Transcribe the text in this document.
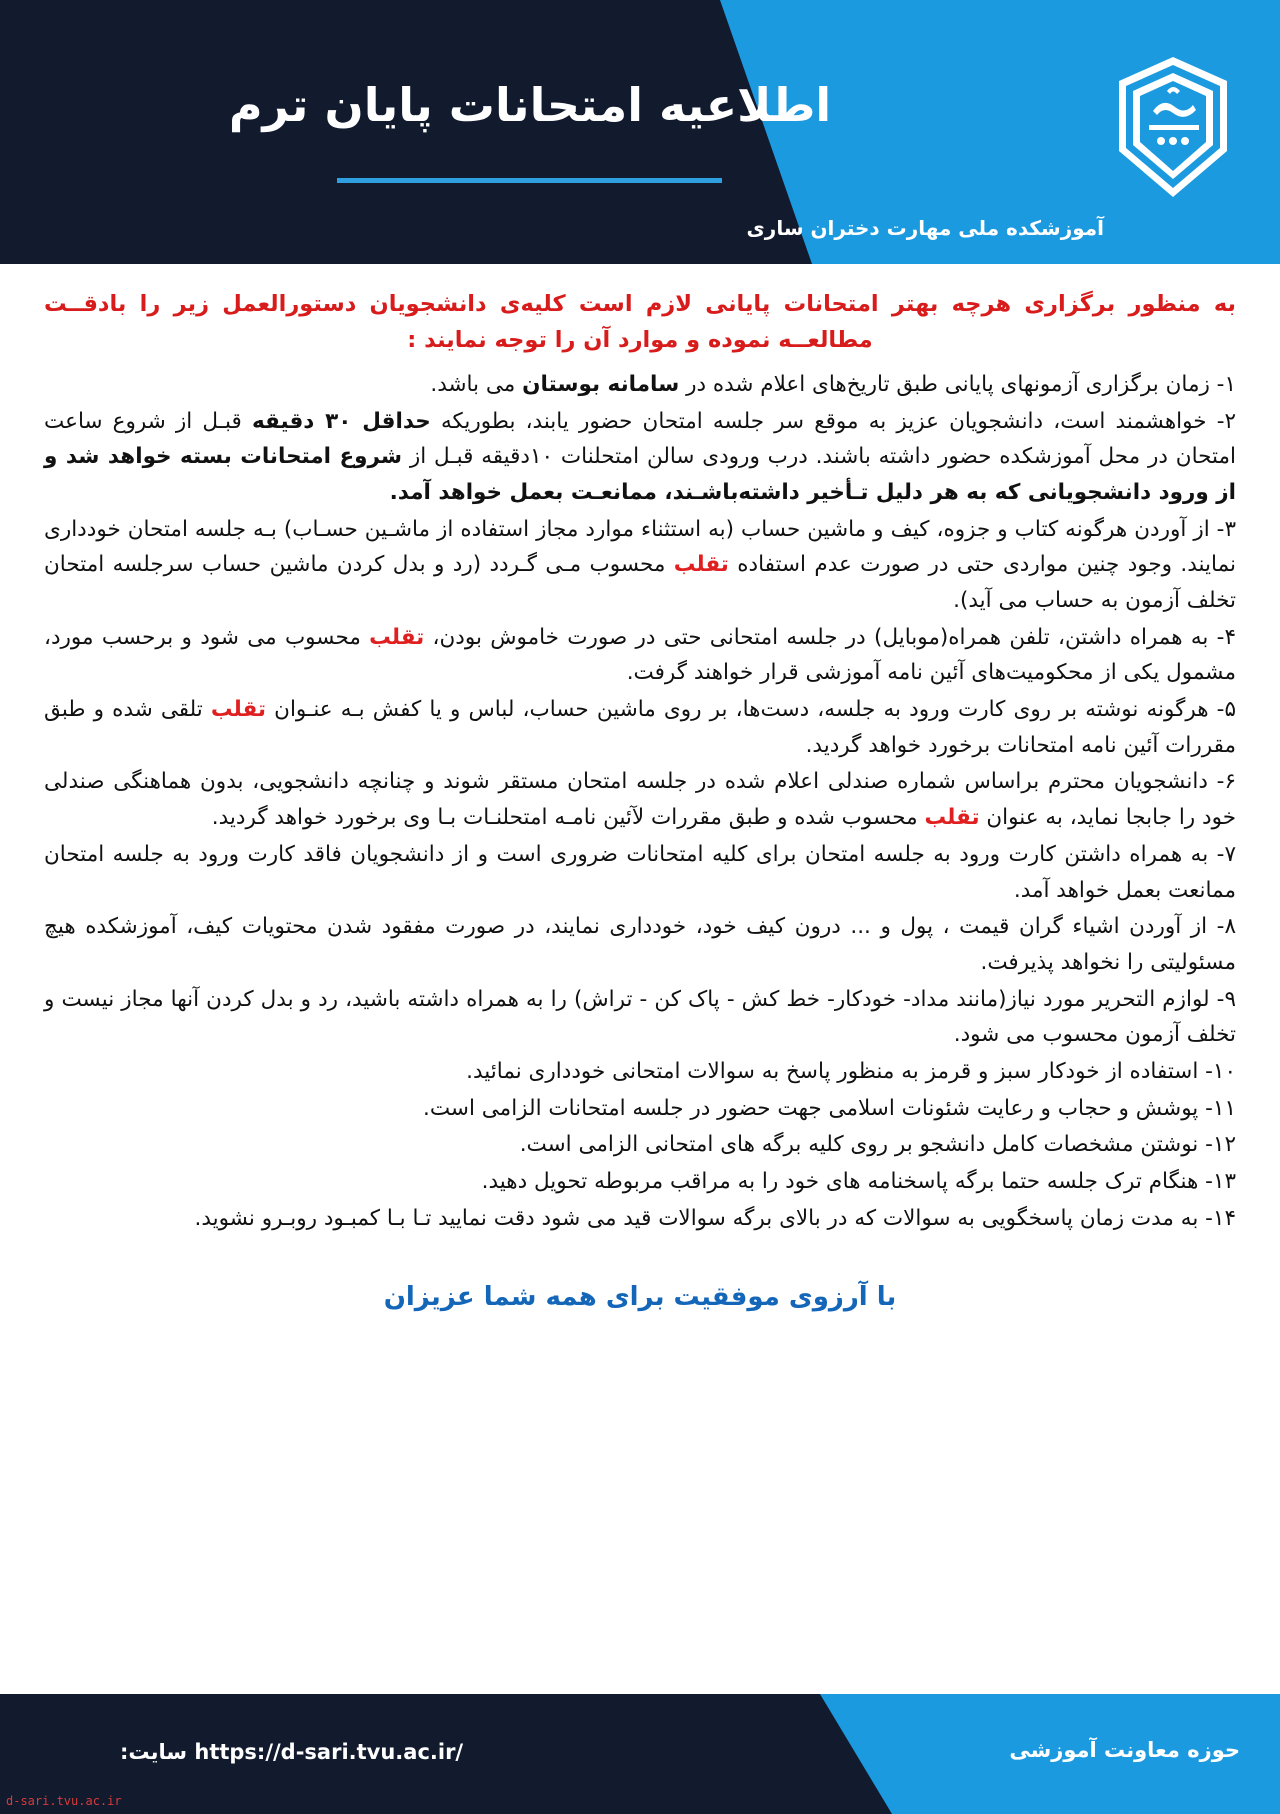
آموزشکده ملی مهارت دختران ساری
اطلاعیه امتحانات پایان ترم

به منظور برگزاری هرچه بهتر امتحانات پایانی لازم است کلیه‌ی دانشجویان دستورالعمل زیر را بادقــت مطالعــه نموده و موارد آن را توجه نمایند :

۱- زمان برگزاری آزمونهای پایانی طبق تاریخ‌های اعلام شده در سامانه بوستان می باشد.

۲- خواهشمند است، دانشجویان عزیز به موقع سر جلسه امتحان حضور یابند، بطوریکه حداقل ۳۰ دقیقه قبـل از شروع ساعت امتحان در محل آموزشکده حضور داشته باشند. درب ورودی سالن امتحلنات ۱۰دقیقه قبـل از شروع امتحانات بسته خواهد شد و از ورود دانشجویانی که به هر دلیل تـأخیر داشته‌باشـند، ممانعـت بعمل خواهد آمد.

۳- از آوردن هرگونه کتاب و جزوه، کیف و ماشین حساب (به استثناء موارد مجاز استفاده از ماشـین حسـاب) بـه جلسه امتحان خودداری نمایند. وجود چنین مواردی حتی در صورت عدم استفاده تقلب محسوب مـی گـردد (رد و بدل کردن ماشین حساب سرجلسه امتحان تخلف آزمون به حساب می آید).

۴- به همراه داشتن، تلفن همراه(موبایل) در جلسه امتحانی حتی در صورت خاموش بودن، تقلب محسوب می شود و برحسب مورد، مشمول یکی از محکومیت‌های آئین نامه آموزشی قرار خواهند گرفت.

۵- هرگونه نوشته بر روی کارت ورود به جلسه، دست‌ها، بر روی ماشین حساب، لباس و یا کفش بـه عنـوان تقلب تلقی شده و طبق مقررات آئین نامه امتحانات برخورد خواهد گردید.

۶- دانشجویان محترم براساس شماره صندلی اعلام شده در جلسه امتحان مستقر شوند و چنانچه دانشجویی، بدون هماهنگی صندلی خود را جابجا نماید، به عنوان تقلب محسوب شده و طبق مقررات لآئین نامـه امتحلنـات بـا وی برخورد خواهد گردید.

۷- به همراه داشتن کارت ورود به جلسه امتحان برای کلیه امتحانات ضروری است و از دانشجویان فاقد کارت ورود به جلسه امتحان ممانعت بعمل خواهد آمد.

۸- از آوردن اشیاء گران قیمت ، پول و ... درون کیف خود، خودداری نمایند، در صورت مفقود شدن محتویات کیف، آموزشکده هیچ مسئولیتی را نخواهد پذیرفت.

۹- لوازم التحریر مورد نیاز(مانند مداد- خودکار- خط کش - پاک کن - تراش) را به همراه داشته باشید، رد و بدل کردن آنها مجاز نیست و تخلف آزمون محسوب می شود.

۱۰- استفاده از خودکار سبز و قرمز به منظور پاسخ به سوالات امتحانی خودداری نمائید.

۱۱- پوشش و حجاب و رعایت شئونات اسلامی جهت حضور در جلسه امتحانات الزامی است.

۱۲- نوشتن مشخصات کامل دانشجو بر روی کلیه برگه های امتحانی الزامی است.

۱۳- هنگام ترک جلسه حتما برگه پاسخنامه های خود را به مراقب مربوطه تحویل دهید.

۱۴- به مدت زمان پاسخگویی به سوالات که در بالای برگه سوالات قید می شود دقت نمایید تـا بـا کمبـود روبـرو نشوید.

با آرزوی موفقیت برای همه شما عزیزان

حوزه معاونت آموزشی
https://d-sari.tvu.ac.ir/ سایت:
d-sari.tvu.ac.ir
